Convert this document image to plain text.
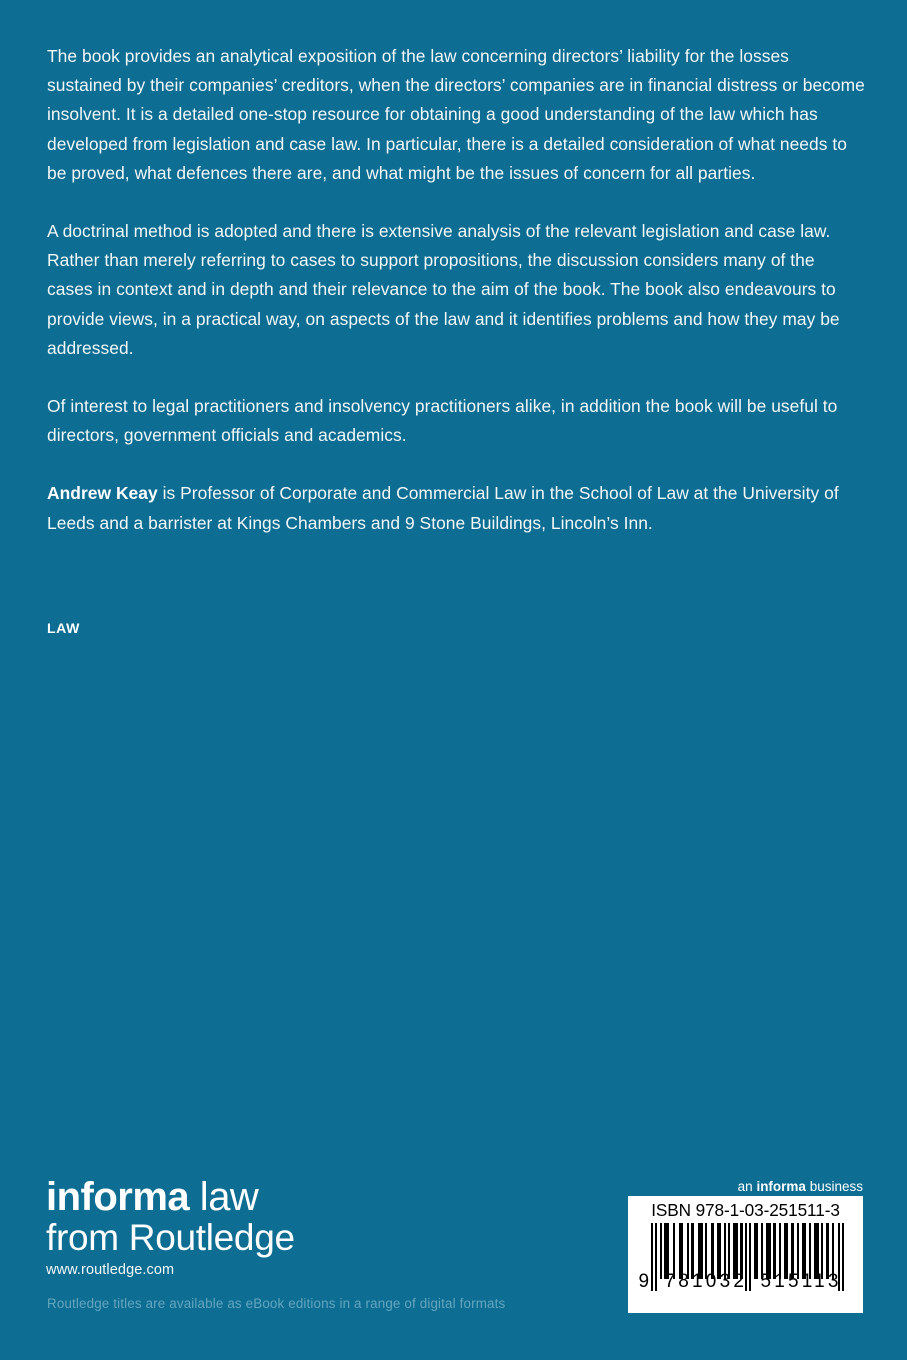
The book provides an analytical exposition of the law concerning directors’ liability for the losses sustained by their companies’ creditors, when the directors’ companies are in financial distress or become insolvent. It is a detailed one-stop resource for obtaining a good understanding of the law which has developed from legislation and case law. In particular, there is a detailed consideration of what needs to be proved, what defences there are, and what might be the issues of concern for all parties.

A doctrinal method is adopted and there is extensive analysis of the relevant legislation and case law. Rather than merely referring to cases to support propositions, the discussion considers many of the cases in context and in depth and their relevance to the aim of the book. The book also endeavours to provide views, in a practical way, on aspects of the law and it identifies problems and how they may be addressed.

Of interest to legal practitioners and insolvency practitioners alike, in addition the book will be useful to directors, government officials and academics.

Andrew Keay is Professor of Corporate and Commercial Law in the School of Law at the University of Leeds and a barrister at Kings Chambers and 9 Stone Buildings, Lincoln’s Inn.

LAW
informa law
from Routledge
www.routledge.com
Routledge titles are available as eBook editions in a range of digital formats
an informa business
ISBN 978-1-03-251511-3
9 781032 515113
